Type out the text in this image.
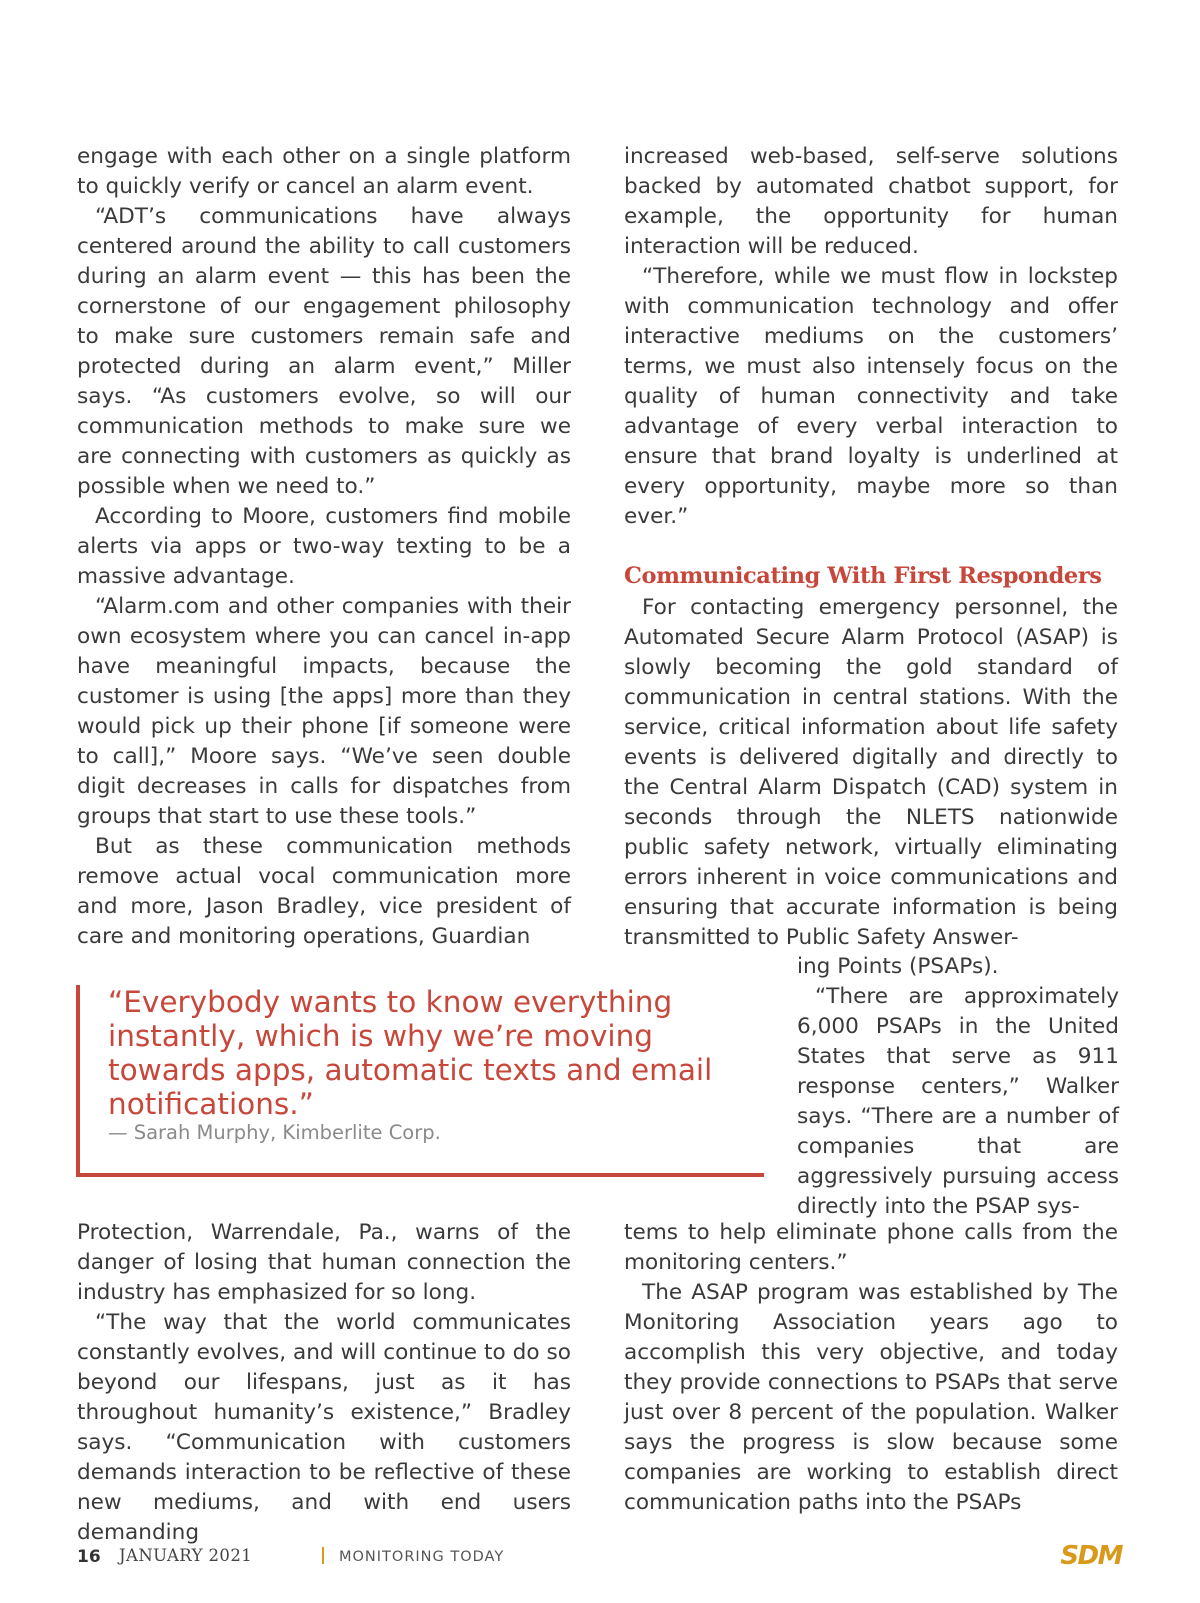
engage with each other on a single platform to quickly verify or cancel an alarm event.

“ADT’s communications have always centered around the ability to call customers during an alarm event — this has been the cornerstone of our engagement philosophy to make sure customers remain safe and protected during an alarm event,” Miller says. “As customers evolve, so will our communication methods to make sure we are connecting with customers as quickly as possible when we need to.”

According to Moore, customers find mobile alerts via apps or two-way texting to be a massive advantage.

“Alarm.com and other companies with their own ecosystem where you can cancel in-app have meaningful impacts, because the customer is using [the apps] more than they would pick up their phone [if someone were to call],” Moore says. “We’ve seen double digit decreases in calls for dispatches from groups that start to use these tools.”

But as these communication methods remove actual vocal communication more and more, Jason Bradley, vice president of care and monitoring operations, Guardian

“Everybody wants to know everything instantly, which is why we’re moving towards apps, automatic texts and email notifications.”

— Sarah Murphy, Kimberlite Corp.

Protection, Warrendale, Pa., warns of the danger of losing that human connection the industry has emphasized for so long.

“The way that the world communicates constantly evolves, and will continue to do so beyond our lifespans, just as it has throughout humanity’s existence,” Bradley says. “Communication with customers demands interaction to be reflective of these new mediums, and with end users demanding

increased web-based, self-serve solutions backed by automated chatbot support, for example, the opportunity for human interaction will be reduced.

“Therefore, while we must flow in lockstep with communication technology and offer interactive mediums on the customers’ terms, we must also intensely focus on the quality of human connectivity and take advantage of every verbal interaction to ensure that brand loyalty is underlined at every opportunity, maybe more so than ever.”

Communicating With First Responders

For contacting emergency personnel, the Automated Secure Alarm Protocol (ASAP) is slowly becoming the gold standard of communication in central stations. With the service, critical information about life safety events is delivered digitally and directly to the Central Alarm Dispatch (CAD) system in seconds through the NLETS nationwide public safety network, virtually eliminating errors inherent in voice communications and ensuring that accurate information is being transmitted to Public Safety Answer-

ing Points (PSAPs).

“There are approximately 6,000 PSAPs in the United States that serve as 911 response centers,” Walker says. “There are a number of companies that are aggressively pursuing access directly into the PSAP sys-

tems to help eliminate phone calls from the monitoring centers.”

The ASAP program was established by The Monitoring Association years ago to accomplish this very objective, and today they provide connections to PSAPs that serve just over 8 percent of the population. Walker says the progress is slow because some companies are working to establish direct communication paths into the PSAPs

16 JANUARY 2021	MONITORING TODAY	SDM
